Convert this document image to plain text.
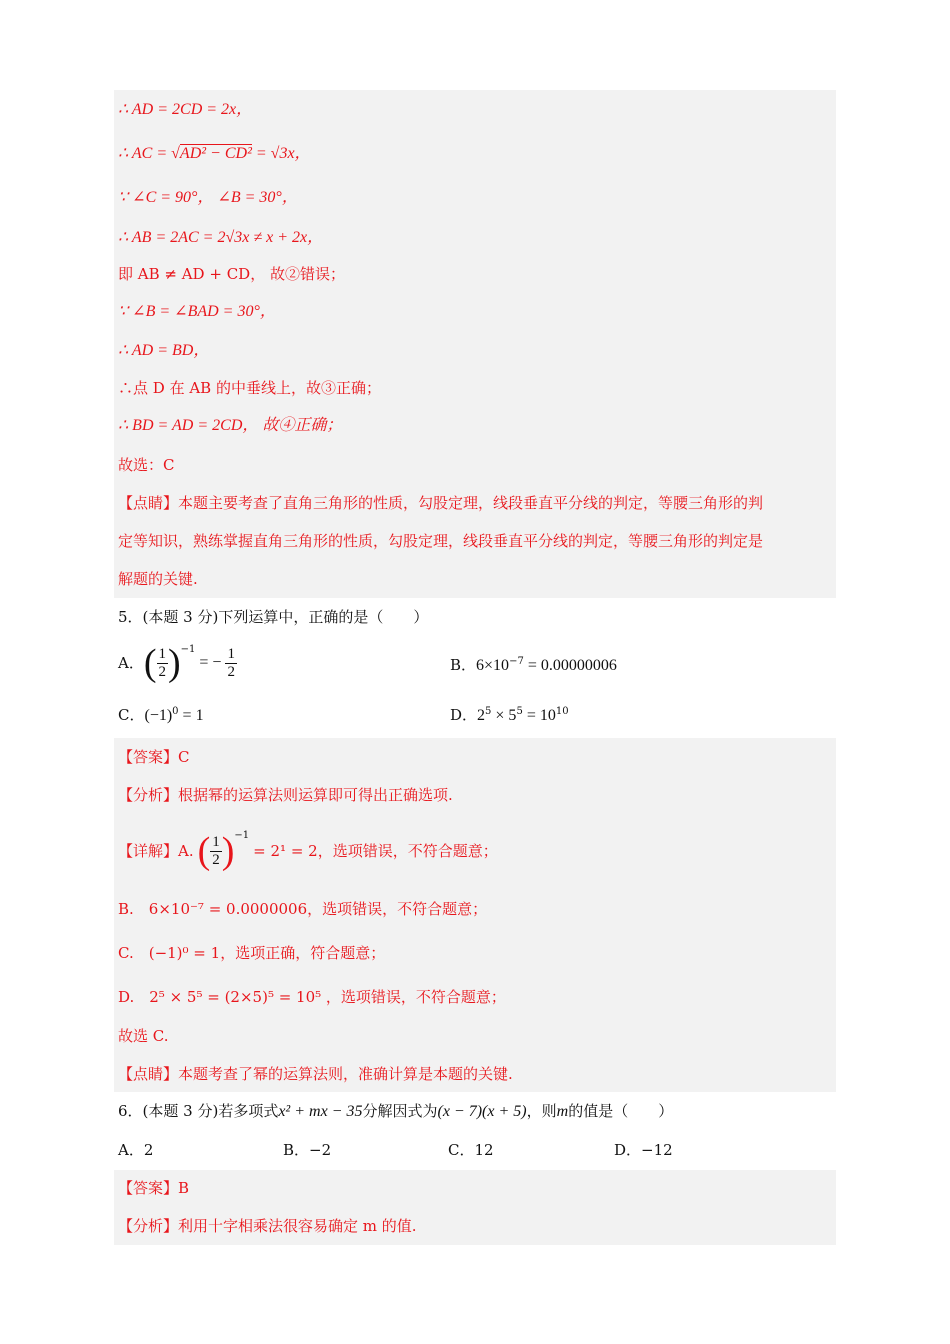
∴ AD = 2CD = 2x，
∴ AC = √AD² − CD² = √3x，
∵ ∠C = 90°， ∠B = 30°，
∴ AB = 2AC = 2√3x ≠ x + 2x，
即 AB ≠ AD + CD， 故②错误；
∵ ∠B = ∠BAD = 30°，
∴ AD = BD，
∴点 D 在 AB 的中垂线上，故③正确；
∴ BD = AD = 2CD， 故④正确；
故选：C
【点睛】本题主要考查了直角三角形的性质，勾股定理，线段垂直平分线的判定，等腰三角形的判
定等知识，熟练掌握直角三角形的性质，勾股定理，线段垂直平分线的判定，等腰三角形的判定是
解题的关键.
5．(本题 3 分)下列运算中，正确的是（　　）
A． ( $\frac{1}{2} )^{-1}$
= − $\frac{1}{2}$	B．$6\times 10^{-7} = 0.00000006$
C．$(-1)^0 = 1$	D．$2^5 \times 5^5 = 10^{10}$
【答案】C
【分析】根据幂的运算法则运算即可得出正确选项.
【详解】A. ( $\frac{1}{2} )^{-1}$
= 2¹ = 2，选项错误，不符合题意；
B.　6×10⁻⁷ = 0.0000006，选项错误，不符合题意；
C.　(−1)⁰ = 1，选项正确，符合题意；
D.　2⁵ × 5⁵ = (2×5)⁵ = 10⁵ ，选项错误，不符合题意；
故选 C.
【点睛】本题考查了幂的运算法则，准确计算是本题的关键.
6．(本题 3 分)若多项式x² + mx − 35分解因式为(x − 7)(x + 5)，则m的值是（　　）
A．2	B．−2	C．12	D．−12
【答案】B
【分析】利用十字相乘法很容易确定 m 的值.
